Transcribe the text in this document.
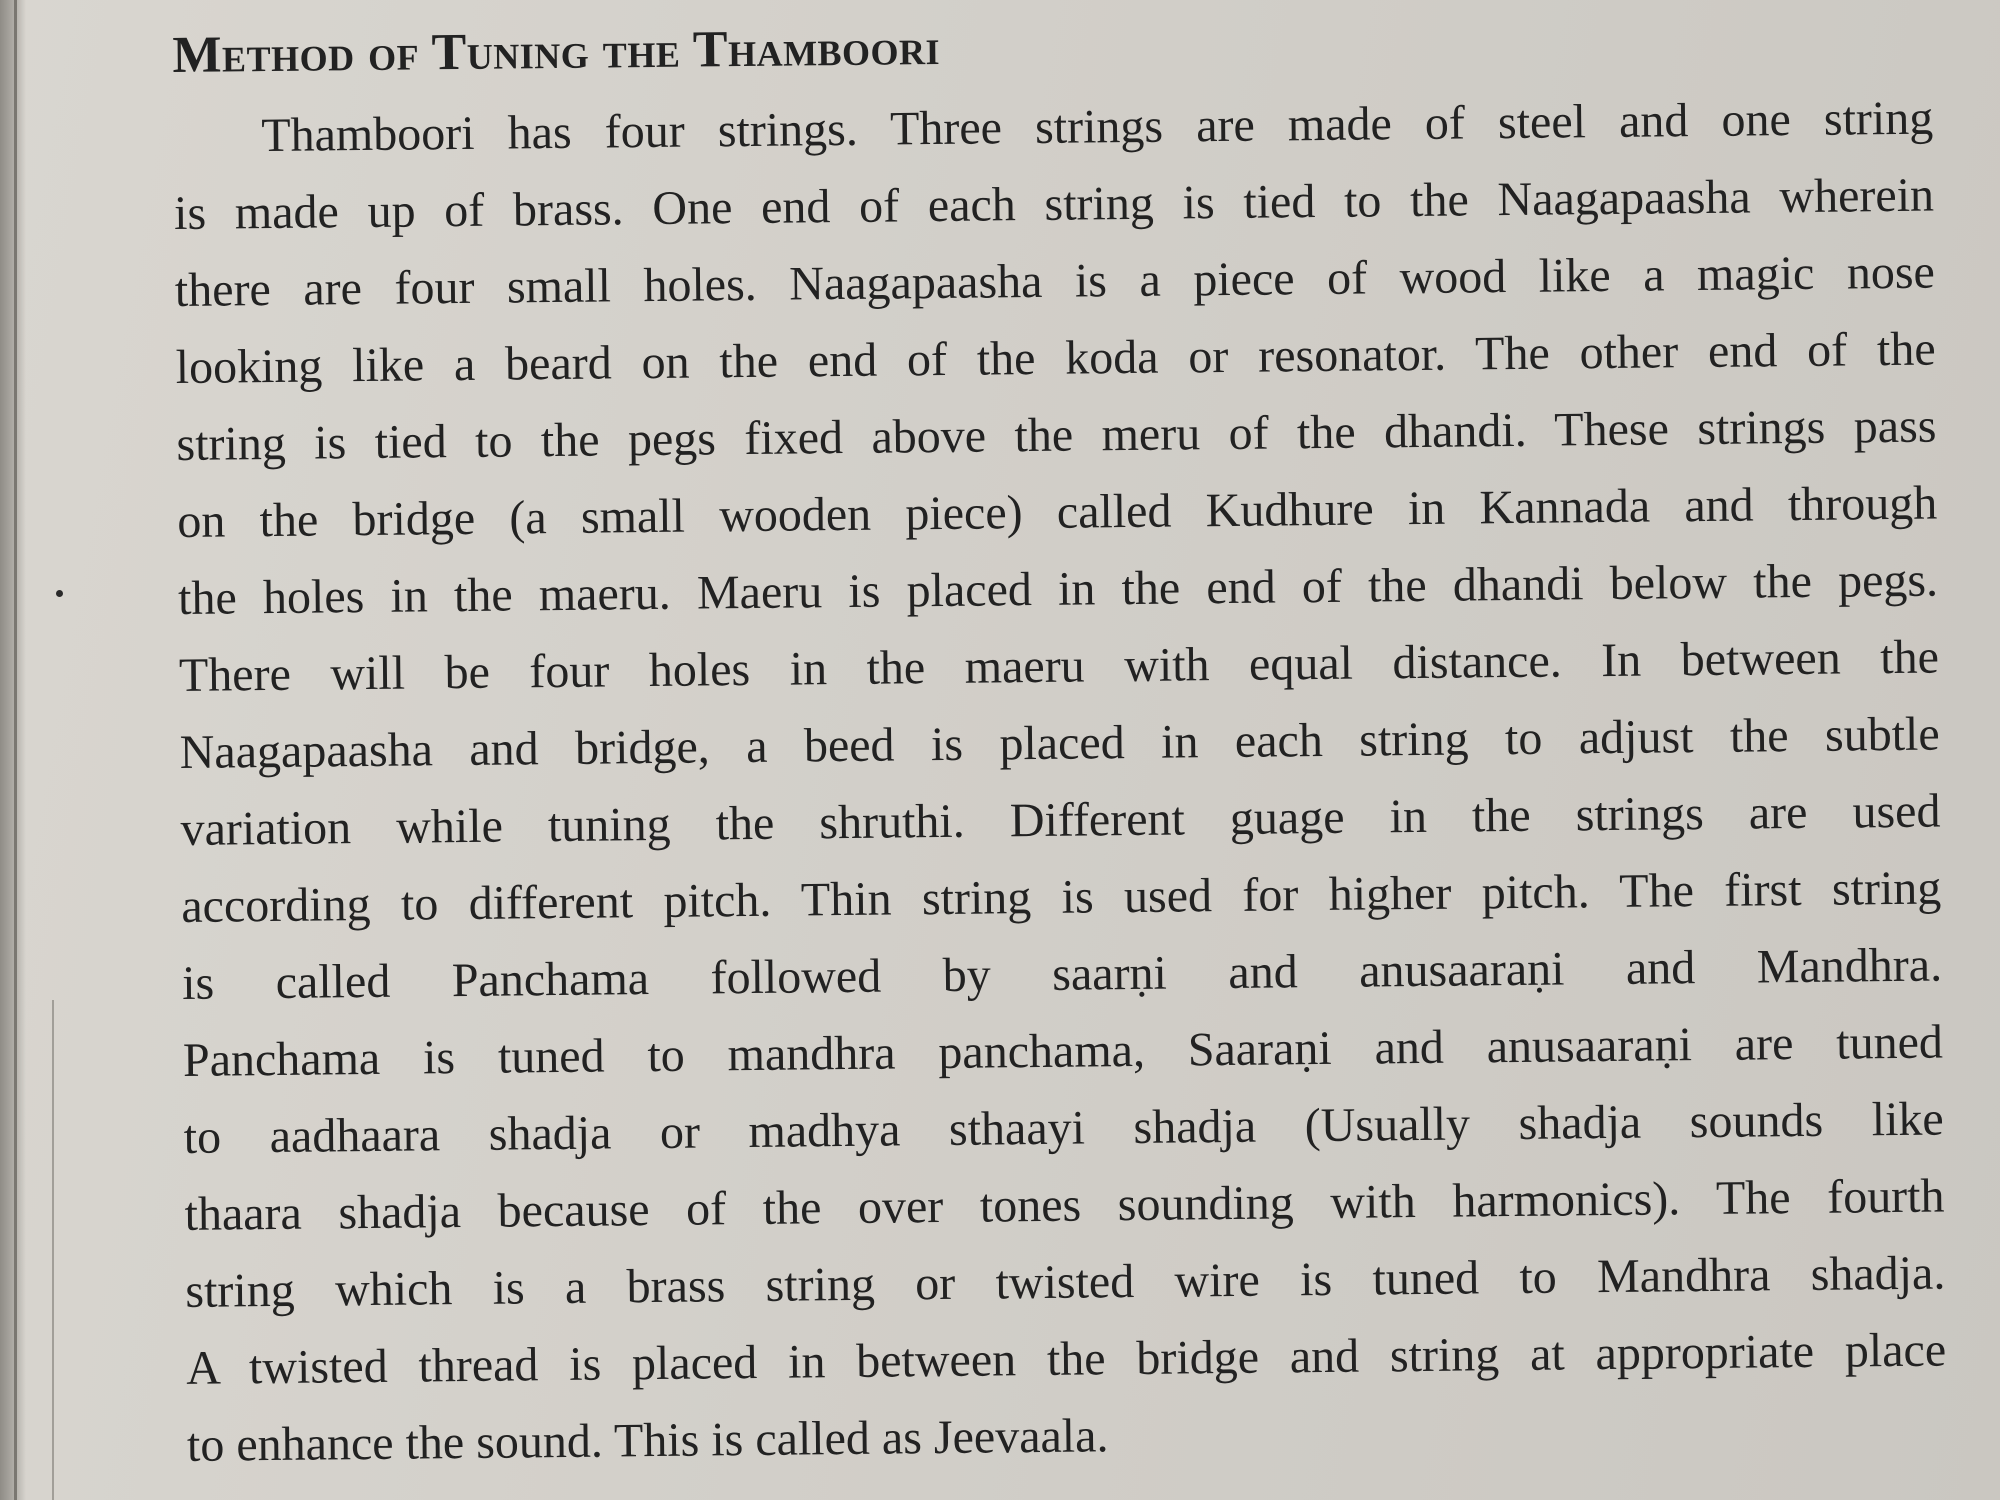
Method of Tuning the Thamboori
Thamboori has four strings. Three strings are made of steel and one string
is made up of brass. One end of each string is tied to the Naagapaasha wherein
there are four small holes. Naagapaasha is a piece of wood like a magic nose
looking like a beard on the end of the koda or resonator. The other end of the
string is tied to the pegs fixed above the meru of the dhandi. These strings pass
on the bridge (a small wooden piece) called Kudhure in Kannada and through
the holes in the maeru. Maeru is placed in the end of the dhandi below the pegs.
There will be four holes in the maeru with equal distance. In between the
Naagapaasha and bridge, a beed is placed in each string to adjust the subtle
variation while tuning the shruthi. Different guage in the strings are used
according to different pitch. Thin string is used for higher pitch. The first string
is called Panchama followed by saarṇi and anusaaraṇi and Mandhra.
Panchama is tuned to mandhra panchama, Saaraṇi and anusaaraṇi are tuned
to aadhaara shadja or madhya sthaayi shadja (Usually shadja sounds like
thaara shadja because of the over tones sounding with harmonics). The fourth
string which is a brass string or twisted wire is tuned to Mandhra shadja.
A twisted thread is placed in between the bridge and string at appropriate place
to enhance the sound. This is called as Jeevaala.
